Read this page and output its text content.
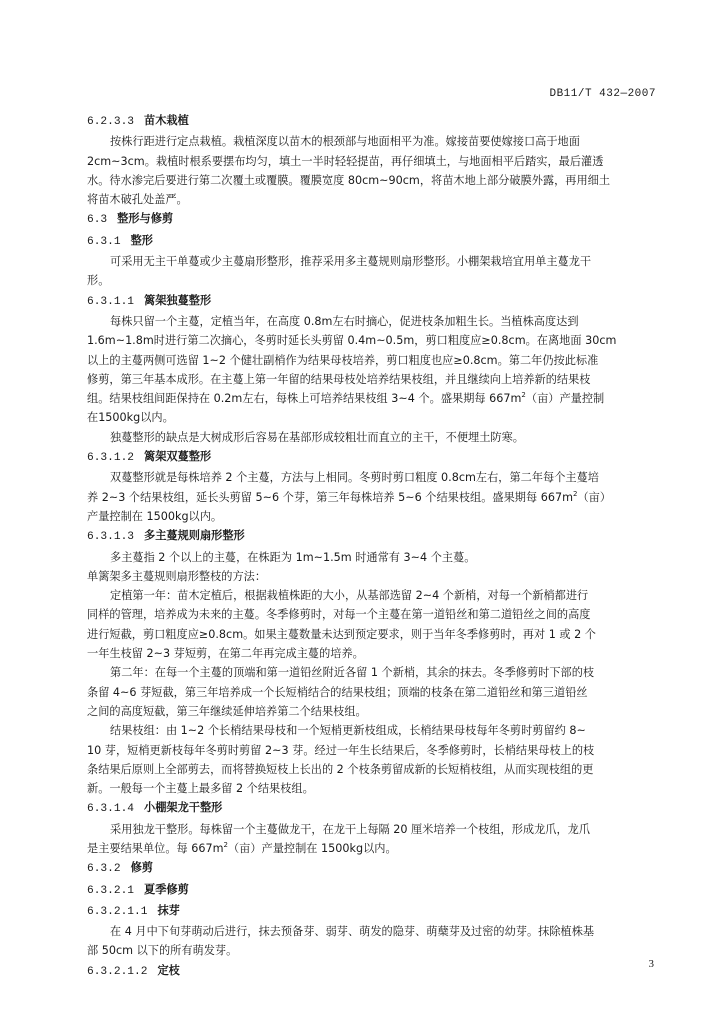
DB11/T 432—2007
6.2.3.3 苗木栽植
按株行距进行定点栽植。栽植深度以苗木的根颈部与地面相平为准。嫁接苗要使嫁接口高于地面
2cm~3cm。栽植时根系要摆布均匀，填土一半时轻轻提苗，再仔细填土，与地面相平后踏实，最后灌透
水。待水渗完后要进行第二次覆土或覆膜。覆膜宽度 80cm~90cm，将苗木地上部分破膜外露，再用细土
将苗木破孔处盖严。
6.3 整形与修剪
6.3.1 整形
可采用无主干单蔓或少主蔓扇形整形，推荐采用多主蔓规则扇形整形。小棚架栽培宜用单主蔓龙干
形。
6.3.1.1 篱架独蔓整形
每株只留一个主蔓，定植当年，在高度 0.8m左右时摘心，促进枝条加粗生长。当植株高度达到
1.6m~1.8m时进行第二次摘心，冬剪时延长头剪留 0.4m~0.5m，剪口粗度应≥0.8cm。在离地面 30cm
以上的主蔓两侧可选留 1~2 个健壮副梢作为结果母枝培养，剪口粗度也应≥0.8cm。第二年仍按此标准
修剪，第三年基本成形。在主蔓上第一年留的结果母枝处培养结果枝组，并且继续向上培养新的结果枝
组。结果枝组间距保持在 0.2m左右，每株上可培养结果枝组 3~4 个。盛果期每 $667m^2$（亩）产量控制
在1500kg以内。
独蔓整形的缺点是大树成形后容易在基部形成较粗壮而直立的主干，不便埋土防寒。
6.3.1.2 篱架双蔓整形
双蔓整形就是每株培养 2 个主蔓，方法与上相同。冬剪时剪口粗度 0.8cm左右，第二年每个主蔓培
养 2~3 个结果枝组，延长头剪留 5~6 个芽，第三年每株培养 5~6 个结果枝组。盛果期每 $667m^2$（亩）
产量控制在 1500kg以内。
6.3.1.3 多主蔓规则扇形整形
多主蔓指 2 个以上的主蔓，在株距为 1m~1.5m 时通常有 3~4 个主蔓。
单篱架多主蔓规则扇形整枝的方法：
定植第一年：苗木定植后，根据栽植株距的大小，从基部选留 2~4 个新梢，对每一个新梢都进行
同样的管理，培养成为未来的主蔓。冬季修剪时，对每一个主蔓在第一道铅丝和第二道铅丝之间的高度
进行短截，剪口粗度应≥0.8cm。如果主蔓数量未达到预定要求，则于当年冬季修剪时，再对 1 或 2 个
一年生枝留 2~3 芽短剪，在第二年再完成主蔓的培养。
第二年：在每一个主蔓的顶端和第一道铅丝附近各留 1 个新梢，其余的抹去。冬季修剪时下部的枝
条留 4~6 芽短截，第三年培养成一个长短梢结合的结果枝组；顶端的枝条在第二道铅丝和第三道铅丝
之间的高度短截，第三年继续延伸培养第二个结果枝组。
结果枝组：由 1~2 个长梢结果母枝和一个短梢更新枝组成，长梢结果母枝每年冬剪时剪留约 8~
10 芽，短梢更新枝每年冬剪时剪留 2~3 芽。经过一年生长结果后，冬季修剪时，长梢结果母枝上的枝
条结果后原则上全部剪去，而将替换短枝上长出的 2 个枝条剪留成新的长短梢枝组，从而实现枝组的更
新。一般每一个主蔓上最多留 2 个结果枝组。
6.3.1.4 小棚架龙干整形
采用独龙干整形。每株留一个主蔓做龙干，在龙干上每隔 20 厘米培养一个枝组，形成龙爪，龙爪
是主要结果单位。每 $667m^2$（亩）产量控制在 1500kg以内。
6.3.2 修剪
6.3.2.1 夏季修剪
6.3.2.1.1 抹芽
在 4 月中下旬芽萌动后进行，抹去预备芽、弱芽、萌发的隐芽、萌蘖芽及过密的幼芽。抹除植株基
部 50cm 以下的所有萌发芽。
6.3.2.1.2 定枝	3
